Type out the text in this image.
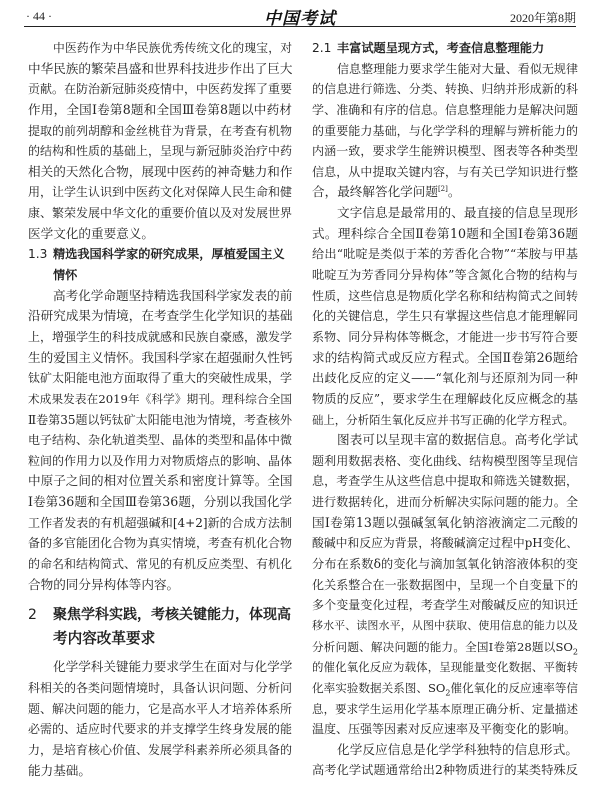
· 44 ·	中国考试	2020年第8期
中医药作为中华民族优秀传统文化的瑰宝，对
中华民族的繁荣昌盛和世界科技进步作出了巨大
贡献。在防治新冠肺炎疫情中，中医药发挥了重要
作用，全国Ⅰ卷第8题和全国Ⅲ卷第8题以中药材
提取的前列胡醇和金丝桃苷为背景，在考查有机物
的结构和性质的基础上，呈现与新冠肺炎治疗中药
相关的天然化合物，展现中医药的神奇魅力和作
用，让学生认识到中医药文化对保障人民生命和健
康、繁荣发展中华文化的重要价值以及对发展世界
医学文化的重要意义。
1.3 精选我国科学家的研究成果，厚植爱国主义
情怀
高考化学命题坚持精选我国科学家发表的前
沿研究成果为情境，在考查学生化学知识的基础
上，增强学生的科技成就感和民族自豪感，激发学
生的爱国主义情怀。我国科学家在超强耐久性钙
钛矿太阳能电池方面取得了重大的突破性成果，学
术成果发表在2019年《科学》期刊。理科综合全国
Ⅱ卷第35题以钙钛矿太阳能电池为情境，考查核外
电子结构、杂化轨道类型、晶体的类型和晶体中微
粒间的作用力以及作用力对物质熔点的影响、晶体
中原子之间的相对位置关系和密度计算等。全国
Ⅰ卷第36题和全国Ⅲ卷第36题，分别以我国化学
工作者发表的有机超强碱和[4+2]新的合成方法制
备的多官能团化合物为真实情境，考查有机化合物
的命名和结构简式、常见的有机反应类型、有机化
合物的同分异构体等内容。
2 聚焦学科实践，考核关键能力，体现高
考内容改革要求
化学学科关键能力要求学生在面对与化学学
科相关的各类问题情境时，具备认识问题、分析问
题、解决问题的能力，它是高水平人才培养体系所
必需的、适应时代要求的并支撑学生终身发展的能
力，是培育核心价值、发展学科素养所必须具备的
能力基础。
2.1 丰富试题呈现方式，考查信息整理能力
信息整理能力要求学生能对大量、看似无规律
的信息进行筛选、分类、转换、归纳并形成新的科
学、准确和有序的信息。信息整理能力是解决问题
的重要能力基础，与化学学科的理解与辨析能力的
内涵一致，要求学生能辨识模型、图表等各种类型
信息，从中提取关键内容，与有关已学知识进行整
合，最终解答化学问题[2]。
文字信息是最常用的、最直接的信息呈现形
式。理科综合全国Ⅱ卷第10题和全国Ⅰ卷第36题
给出“吡啶是类似于苯的芳香化合物”“苯胺与甲基
吡啶互为芳香同分异构体”等含氮化合物的结构与
性质，这些信息是物质化学名称和结构简式之间转
化的关键信息，学生只有掌握这些信息才能理解同
系物、同分异构体等概念，才能进一步书写符合要
求的结构简式或反应方程式。全国Ⅱ卷第26题给
出歧化反应的定义——“氧化剂与还原剂为同一种
物质的反应”，要求学生在理解歧化反应概念的基
础上，分析陌生氧化反应并书写正确的化学方程式。
图表可以呈现丰富的数据信息。高考化学试
题利用数据表格、变化曲线、结构模型图等呈现信
息，考查学生从这些信息中提取和筛选关键数据，
进行数据转化，进而分析解决实际问题的能力。全
国Ⅰ卷第13题以强碱氢氧化钠溶液滴定二元酸的
酸碱中和反应为背景，将酸碱滴定过程中pH变化、
分布在系数δ的变化与滴加氢氧化钠溶液体积的变
化关系整合在一张数据图中，呈现一个自变量下的
多个变量变化过程，考查学生对酸碱反应的知识迁
移水平、读图水平，从图中获取、使用信息的能力以及
分析问题、解决问题的能力。全国Ⅰ卷第28题以$SO_2$
的催化氧化反应为载体，呈现能量变化数据、平衡转
化率实验数据关系图、$SO_2$催化氧化的反应速率等信
息，要求学生运用化学基本原理正确分析、定量描述
温度、压强等因素对反应速率及平衡变化的影响。
化学反应信息是化学学科独特的信息形式。
高考化学试题通常给出2种物质进行的某类特殊反
